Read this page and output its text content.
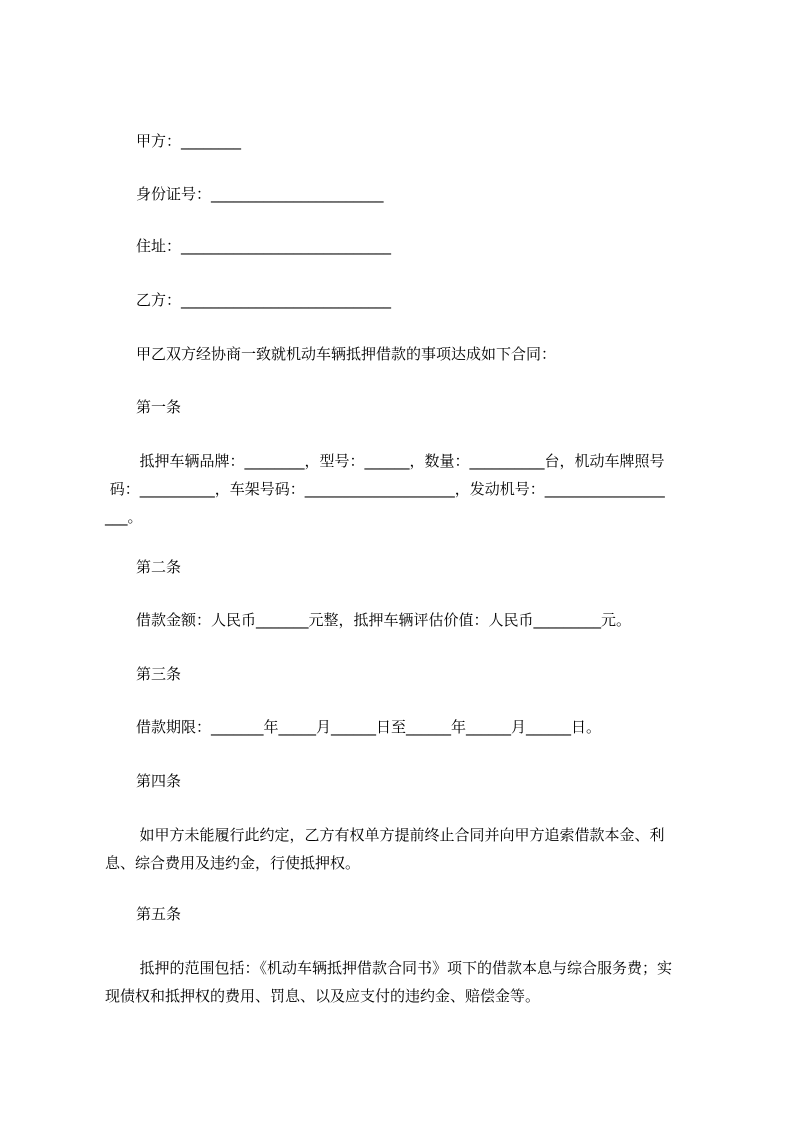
甲方：________
身份证号：_______________________
住址：____________________________
乙方：____________________________
甲乙双方经协商一致就机动车辆抵押借款的事项达成如下合同：
第一条
抵押车辆品牌：________，型号：______，数量：__________台，机动车牌照号
码：__________，车架号码：____________________，发动机号：________________
___。
第二条
借款金额：人民币_______元整，抵押车辆评估价值：人民币_________元。
第三条
借款期限：_______年_____月______日至______年______月______日。
第四条
如甲方未能履行此约定，乙方有权单方提前终止合同并向甲方追索借款本金、利
息、综合费用及违约金，行使抵押权。
第五条
抵押的范围包括：《机动车辆抵押借款合同书》项下的借款本息与综合服务费；实
现债权和抵押权的费用、罚息、以及应支付的违约金、赔偿金等。
